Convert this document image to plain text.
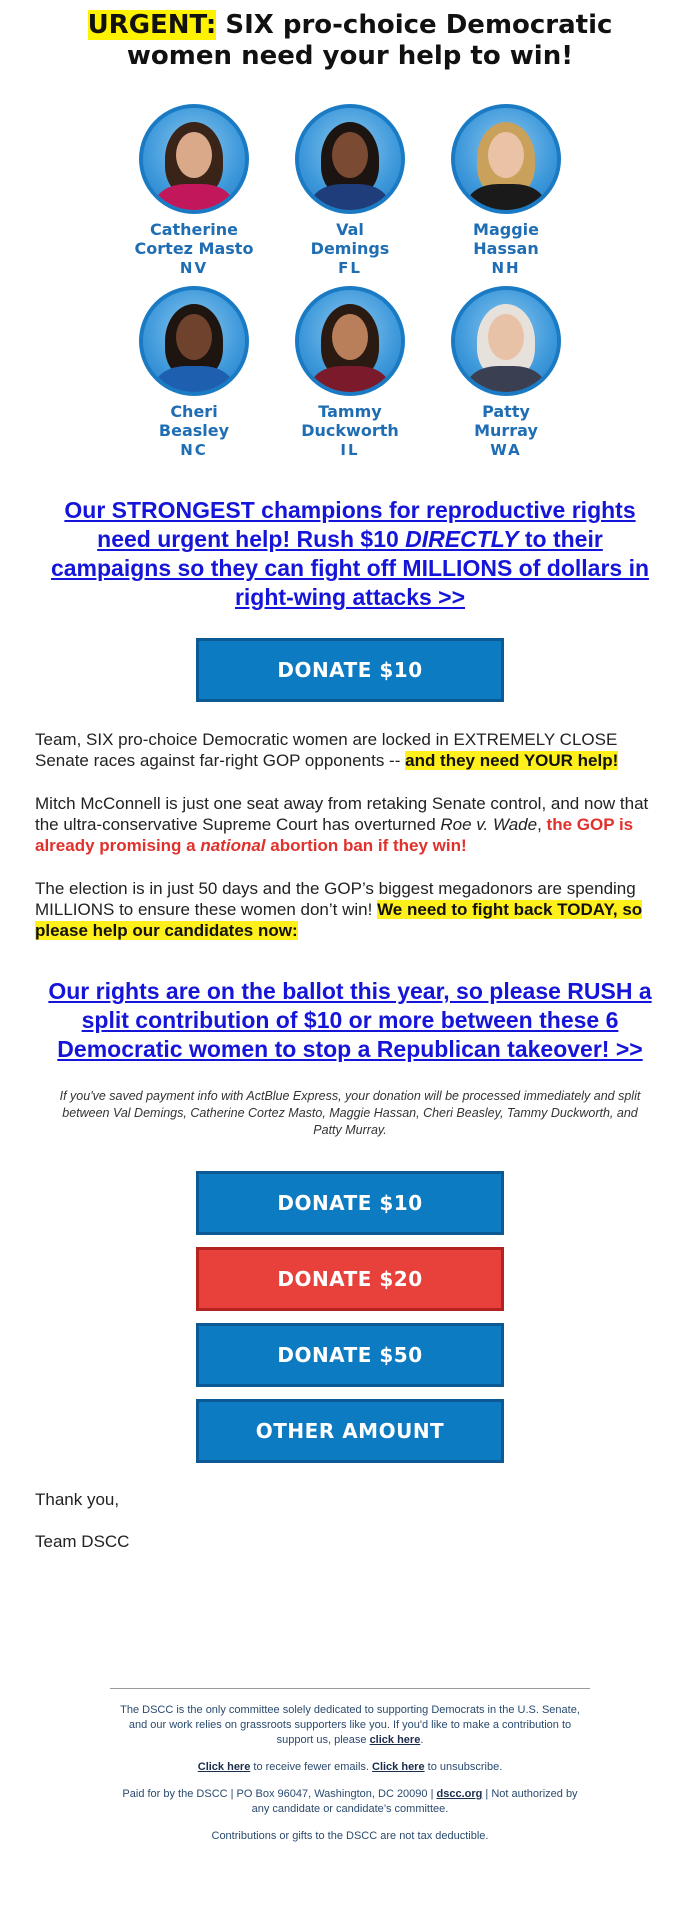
URGENT: SIX pro-choice Democratic women need your help to win!
Catherine
Cortez Masto
NV
Val
Demings
FL
Maggie
Hassan
NH
Cheri
Beasley
NC
Tammy
Duckworth
IL
Patty
Murray
WA
Our STRONGEST champions for reproductive rights need urgent help! Rush $10 DIRECTLY to their campaigns so they can fight off MILLIONS of dollars in right-wing attacks >>
DONATE $10

Team, SIX pro-choice Democratic women are locked in EXTREMELY CLOSE Senate races against far-right GOP opponents -- and they need YOUR help!

Mitch McConnell is just one seat away from retaking Senate control, and now that the ultra-conservative Supreme Court has overturned Roe v. Wade, the GOP is already promising a national abortion ban if they win!

The election is in just 50 days and the GOP’s biggest megadonors are spending MILLIONS to ensure these women don’t win! We need to fight back TODAY, so please help our candidates now:

Our rights are on the ballot this year, so please RUSH a split contribution of $10 or more between these 6 Democratic women to stop a Republican takeover! >>

If you've saved payment info with ActBlue Express, your donation will be processed immediately and split between Val Demings, Catherine Cortez Masto, Maggie Hassan, Cheri Beasley, Tammy Duckworth, and Patty Murray.

DONATE $10
DONATE $20
DONATE $50
OTHER AMOUNT

Thank you,

Team DSCC

The DSCC is the only committee solely dedicated to supporting Democrats in the U.S. Senate, and our work relies on grassroots supporters like you. If you'd like to make a contribution to support us, please click here.

Click here to receive fewer emails. Click here to unsubscribe.

Paid for by the DSCC | PO Box 96047, Washington, DC 20090 | dscc.org | Not authorized by any candidate or candidate’s committee.

Contributions or gifts to the DSCC are not tax deductible.
